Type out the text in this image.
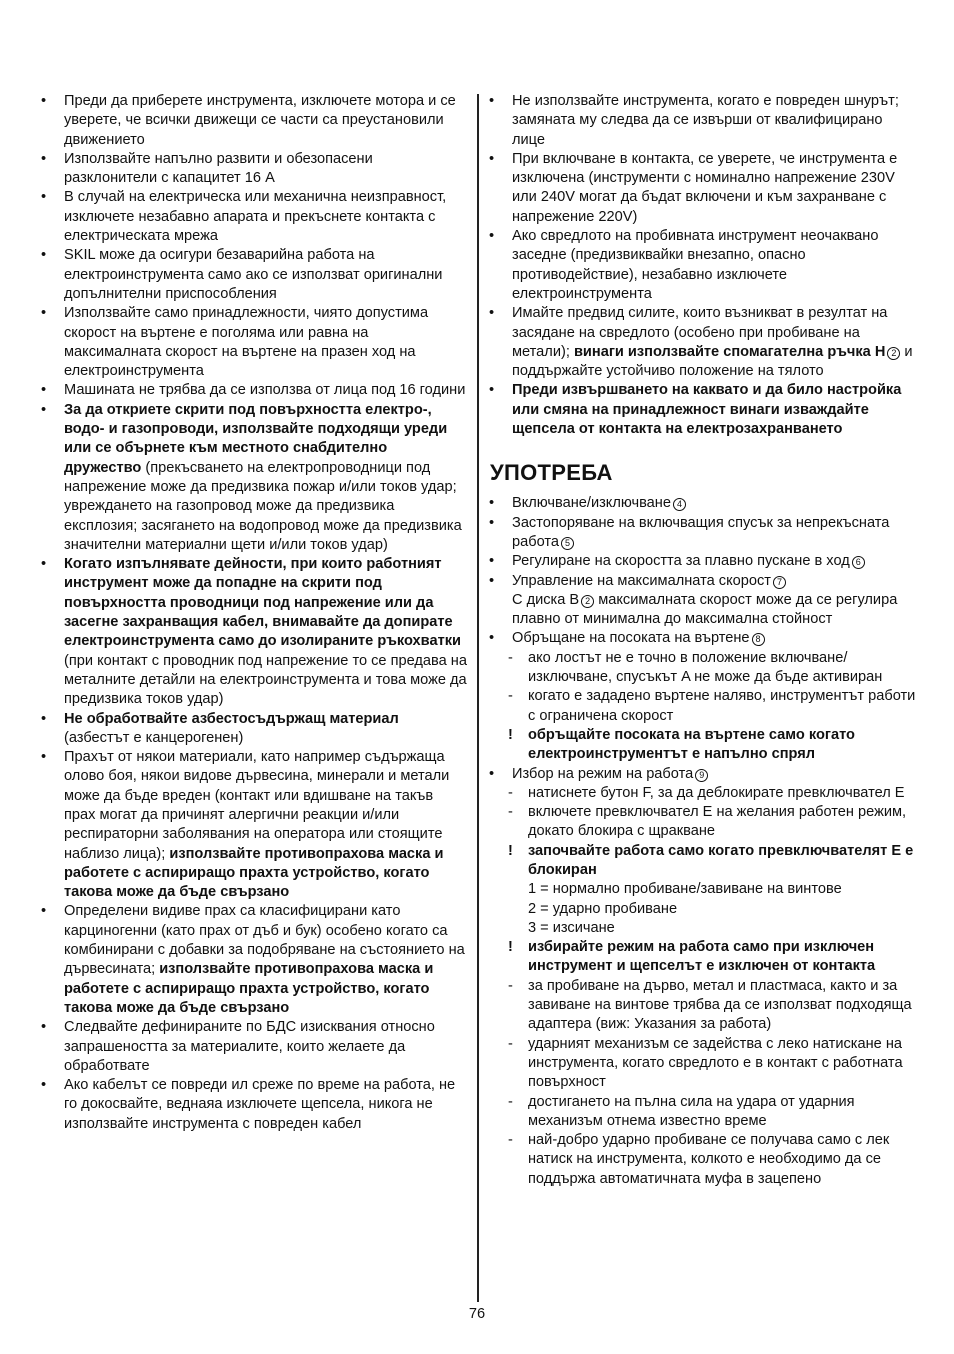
• Преди да приберете инструмента, изключете мотора и се уверете, че всички движещи се части са преустановили движението

• Използвайте напълно развити и обезопасени разклонители с капацитет 16 А

• В случай на електрическа или механична неизправност, изключете незабавно апарата и прекъснете контакта с електрическата мрежа

• SKIL може да осигури безаварийна работа на електроинструмента само ако се използват оригинални допълнителни приспособления

• Използвайте само принадлежности, чиято допустима скорост на въртене е поголяма или равна на максималната скорост на въртене на празен ход на електроинструмента

• Машината не трябва да се използва от лица под 16 години

• За да откриете скрити под повърхността електро-, водо- и газопроводи, използвайте подходящи уреди или се обърнете към местното снабдително дружество (прекъсването на електропроводници под напрежение може да предизвика пожар и/или токов удар; увреждането на газопровод може да предизвика експлозия; засягането на водопровод може да предизвика значителни материални щети и/или токов удар)

• Когато изпълнявате дейности, при които работният инструмент може да попадне на скрити под повърхността проводници под напрежение или да засегне захранващия кабел, внимавайте да допирате електроинструмента само до изолираните ръкохватки (при контакт с проводник под напрежение то се предава на металните детайли на електроинструмента и това може да предизвика токов удар)

• Не обработвайте азбестосъдържащ материал (азбестът е канцерогенен)

• Прахът от някои материали, като например съдържаща олово боя, някои видове дървесина, минерали и метали може да бъде вреден (контакт или вдишване на такъв прах могат да причинят алергични реакции и/или респираторни заболявания на оператора или стоящите наблизо лица); използвайте противопрахова маска и работете с аспириращо прахта устройство, когато такова може да бъде свързано

• Определени видиве прах са класифицирани като карциногенни (като прах от дъб и бук) особено когато са комбинирани с добавки за подобряване на състоянието на дървесината; използвайте противопрахова маска и работете с аспириращо прахта устройство, когато такова може да бъде свързано

• Следвайте дефинираните по БДС изисквания относно запрашеността за материалите, които желаете да обработвате

• Ако кабелът се повреди ил среже по време на работа, не го докосвайте, веднаяа изключете щепсела, никога не използвайте инструмента с повреден кабел

• Не използвайте инструмента, когато е повреден шнурът; замяната му следва да се извърши от квалифицирано лице

• При включване в контакта, се уверете, че инструмента е изключена (инструменти с номинално напрежение 230V или 240V могат да бъдат включени и към захранване с напрежение 220V)

• Ако свредлото на пробивната инструмент неочаквано заседне (предизвиквайки внезапно, опасно противодействие), незабавно изключете електроинструмента

• Имайте предвид силите, които възникват в резултат на засядане на свредлото (особено при пробиване на метали); винаги използвайте спомагателна ръчка H 2 и поддържайте устойчиво положение на тялото

• Преди извършването на каквато и да било настройка или смяна на принадлежност винаги изваждайте щепсела от контакта на електрозахранването

УПОТРЕБА

• Включване/изключване 4

• Застопоряване на включващия спусък за непрекъсната работа 5

• Регулиране на скоростта за плавно пускане в ход 6

• Управление на максималната скорост 7

С диска B 2 максималната скорост може да се регулира плавно от минимална до максимална стойност

• Обръщане на посоката на въртене 8

- ако лостът не е точно в положение включване/ изключване, спусъкът A не може да бъде активиран

- когато е зададено въртене наляво, инструментът работи с ограничена скорост

! обръщайте посоката на въртене само когато електроинструментът е напълно спрял

• Избор на режим на работа 9

- натиснете бутон F, за да деблокирате превключвател E

- включете превключвател E на желания работен режим, докато блокира с щракване

! започвайте работа само когато превключвателят E е блокиран

1 = нормално пробиване/завиване на винтове

2 = ударно пробиване

3 = изсичане

! избирайте режим на работа само при изключен инструмент и щепселът е изключен от контакта

- за пробиване на дърво, метал и пластмаса, както и за завиване на винтове трябва да се използват подходяща адаптера (виж: Указания за работа)

- ударният механизъм се задейства с леко натискане на инструмента, когато свредлото е в контакт с работната повърхност

- достигането на пълна сила на удара от ударния механизъм отнема известно време

- най-добро ударно пробиване се получава само с лек натиск на инструмента, колкото е необходимо да се поддържа автоматичната муфа в зацепено

76
